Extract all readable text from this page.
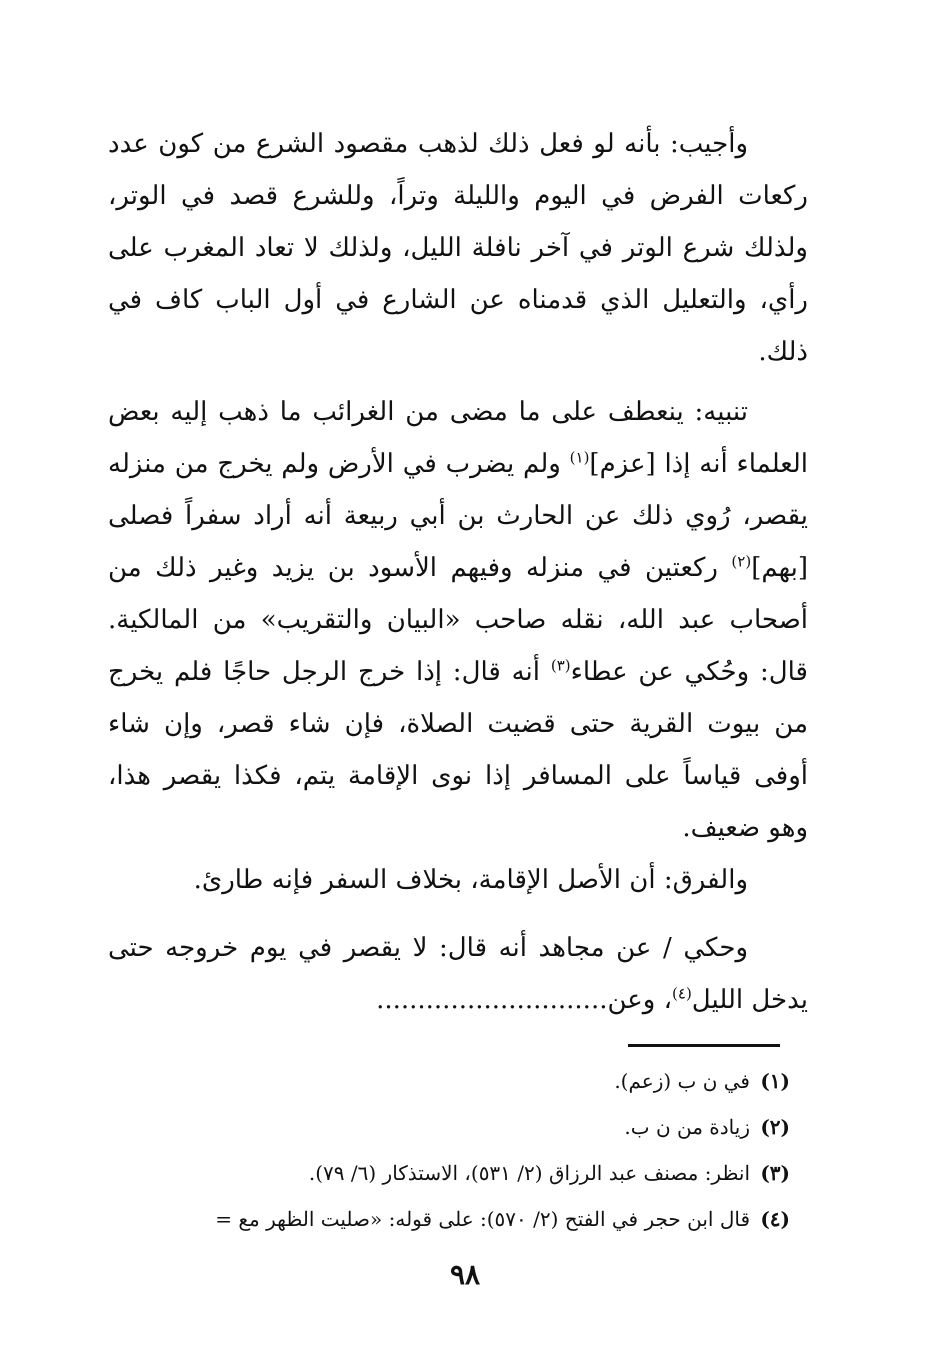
وأجيب: بأنه لو فعل ذلك لذهب مقصود الشرع من كون عدد ركعات الفرض في اليوم والليلة وتراً، وللشرع قصد في الوتر، ولذلك شرع الوتر في آخر نافلة الليل، ولذلك لا تعاد المغرب على رأي، والتعليل الذي قدمناه عن الشارع في أول الباب كاف في ذلك.

تنبيه: ينعطف على ما مضى من الغرائب ما ذهب إليه بعض العلماء أنه إذا [عزم]$^{(١)}$ ولم يضرب في الأرض ولم يخرج من منزله يقصر، رُوي ذلك عن الحارث بن أبي ربيعة أنه أراد سفراً فصلى [بهم]$^{(٢)}$ ركعتين في منزله وفيهم الأسود بن يزيد وغير ذلك من أصحاب عبد الله، نقله صاحب «البيان والتقريب» من المالكية. قال: وحُكي عن عطاء$^{(٣)}$ أنه قال: إذا خرج الرجل حاجًا فلم يخرج من بيوت القرية حتى قضيت الصلاة، فإن شاء قصر، وإن شاء أوفى قياساً على المسافر إذا نوى الإقامة يتم، فكذا يقصر هذا، وهو ضعيف.

والفرق: أن الأصل الإقامة، بخلاف السفر فإنه طارئ.

وحكي / عن مجاهد أنه قال: لا يقصر في يوم خروجه حتى يدخل الليل$^{(٤)}$، وعن............................

(١)
في ن ب (زعم).
(٢)
زيادة من ن ب.
(٣)
انظر: مصنف عبد الرزاق (٢/ ٥٣١)، الاستذكار (٦/ ٧٩).
(٤)
قال ابن حجر في الفتح (٢/ ٥٧٠): على قوله: «صليت الظهر مع =
٩٨
